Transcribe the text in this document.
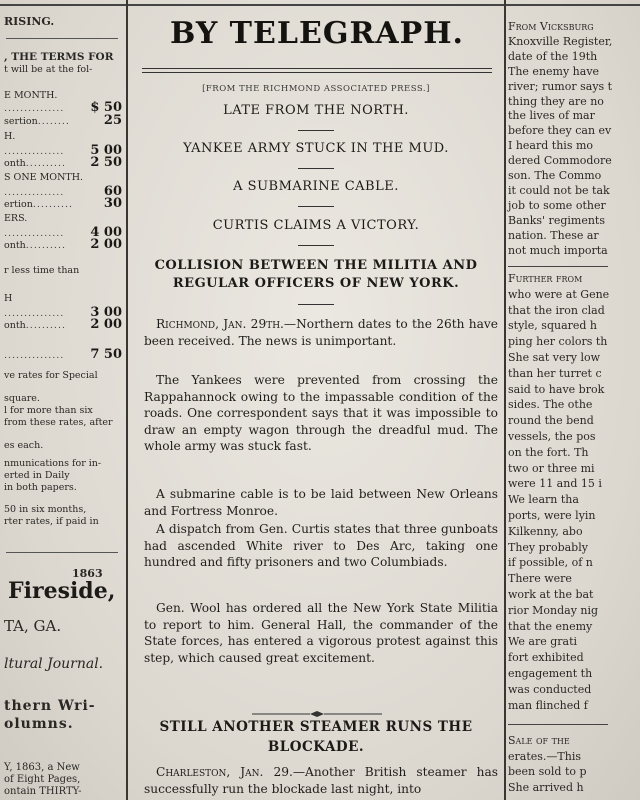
RISING.
, THE TERMS FOR
t will be at the fol-
E MONTH.
...............	$ 50
sertion........	25
H.
...............	5 00
onth..........	2 50
S ONE MONTH.
...............	60
ertion..........	30
ERS.
...............	4 00
onth..........	2 00
r less time than
H
...............	3 00
onth..........	2 00
...............	7 50
ve rates for Special
square.
l for more than six
from these rates, after
es each.
nmunications for in-
erted in Daily
in both papers.
50 in six months,
rter rates, if paid in
1863
Fireside,
TA, GA.
ltural Journal.
thern Wri-
olumns.
Y, 1863, a New
of Eight Pages,
ontain THIRTY-
BY TELEGRAPH.
[FROM THE RICHMOND ASSOCIATED PRESS.]
LATE FROM THE NORTH.
YANKEE ARMY STUCK IN THE MUD.
A SUBMARINE CABLE.
CURTIS CLAIMS A VICTORY.
COLLISION BETWEEN THE MILITIA AND
REGULAR OFFICERS OF NEW YORK.
Richmond, Jan. 29th.—Northern dates to the 26th have been received. The news is unimportant.
The Yankees were prevented from crossing the Rappahannock owing to the impassable condition of the roads. One correspondent says that it was impossible to draw an empty wagon through the dreadful mud. The whole army was stuck fast.
A submarine cable is to be laid between New Orleans and Fortress Monroe.
A dispatch from Gen. Curtis states that three gunboats had ascended White river to Des Arc, taking one hundred and fifty prisoners and two Columbiads.
Gen. Wool has ordered all the New York State Militia to report to him. General Hall, the commander of the State forces, has entered a vigorous protest against this step, which caused great excitement.
STILL ANOTHER STEAMER RUNS THE
BLOCKADE.
Charleston, Jan. 29.—Another British steamer has successfully run the blockade last night, into
From Vicksburg
Knoxville Register,
date of the 19th
The enemy have
river; rumor says t
thing they are no
the lives of mar
before they can ev
I heard this mo
dered Commodore
son. The Commo
it could not be tak
job to some other
Banks' regiments
nation. These ar
not much importa
Further from
who were at Gene
that the iron clad
style, squared h
ping her colors th
She sat very low
than her turret c
said to have brok
sides. The othe
round the bend
vessels, the pos
on the fort. Th
two or three mi
were 11 and 15 i
We learn tha
ports, were lyin
Kilkenny, abo
They probably
if possible, of n
There were
work at the bat
rior Monday nig
that the enemy
We are grati
fort exhibited
engagement th
was conducted
man flinched f
Sale of the
erates.—This
been sold to p
She arrived h
